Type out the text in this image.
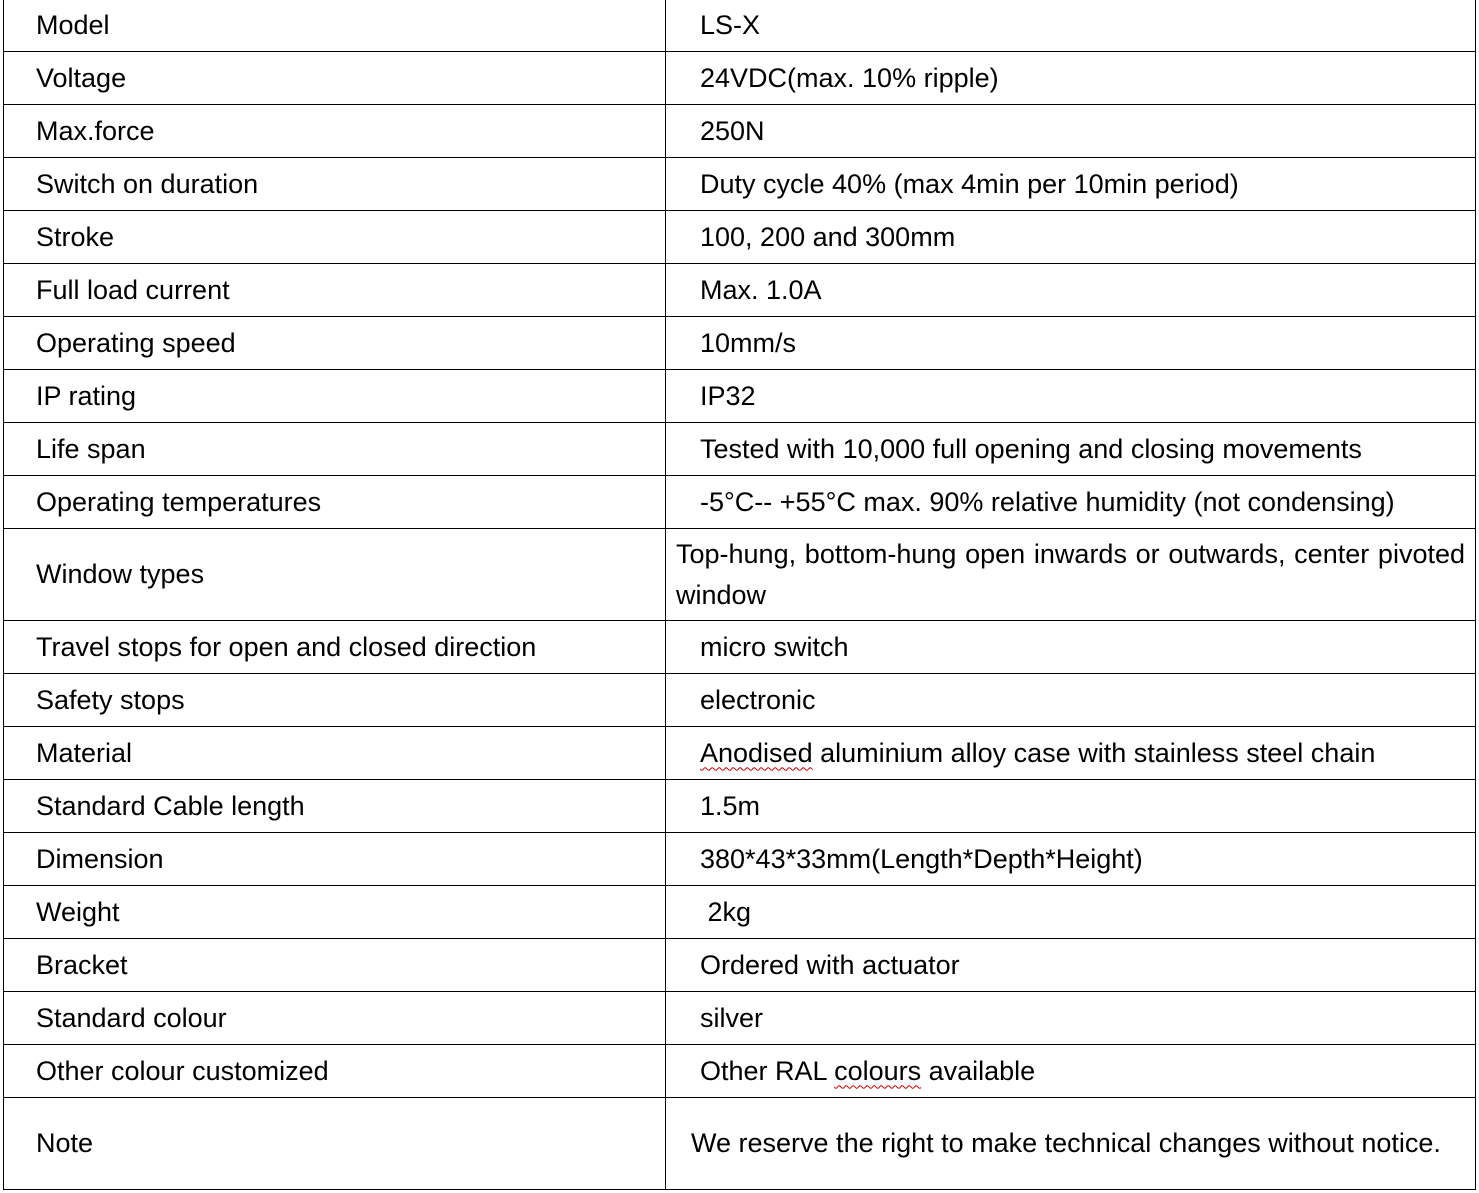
Model	LS-X
Voltage	24VDC(max. 10% ripple)
Max.force	250N
Switch on duration	Duty cycle 40% (max 4min per 10min period)
Stroke	100, 200 and 300mm
Full load current	Max. 1.0A
Operating speed	10mm/s
IP rating	IP32
Life span	Tested with 10,000 full opening and closing movements
Operating temperatures	-5°C-- +55°C max. 90% relative humidity (not condensing)
Window types	Top-hung, bottom-hung open inwards or outwards, center pivoted window
Travel stops for open and closed direction	micro switch
Safety stops	electronic
Material	Anodised aluminium alloy case with stainless steel chain
Standard Cable length	1.5m
Dimension	380*43*33mm(Length*Depth*Height)
Weight	2kg
Bracket	Ordered with actuator
Standard colour	silver
Other colour customized	Other RAL colours available
Note	We reserve the right to make technical changes without notice.
